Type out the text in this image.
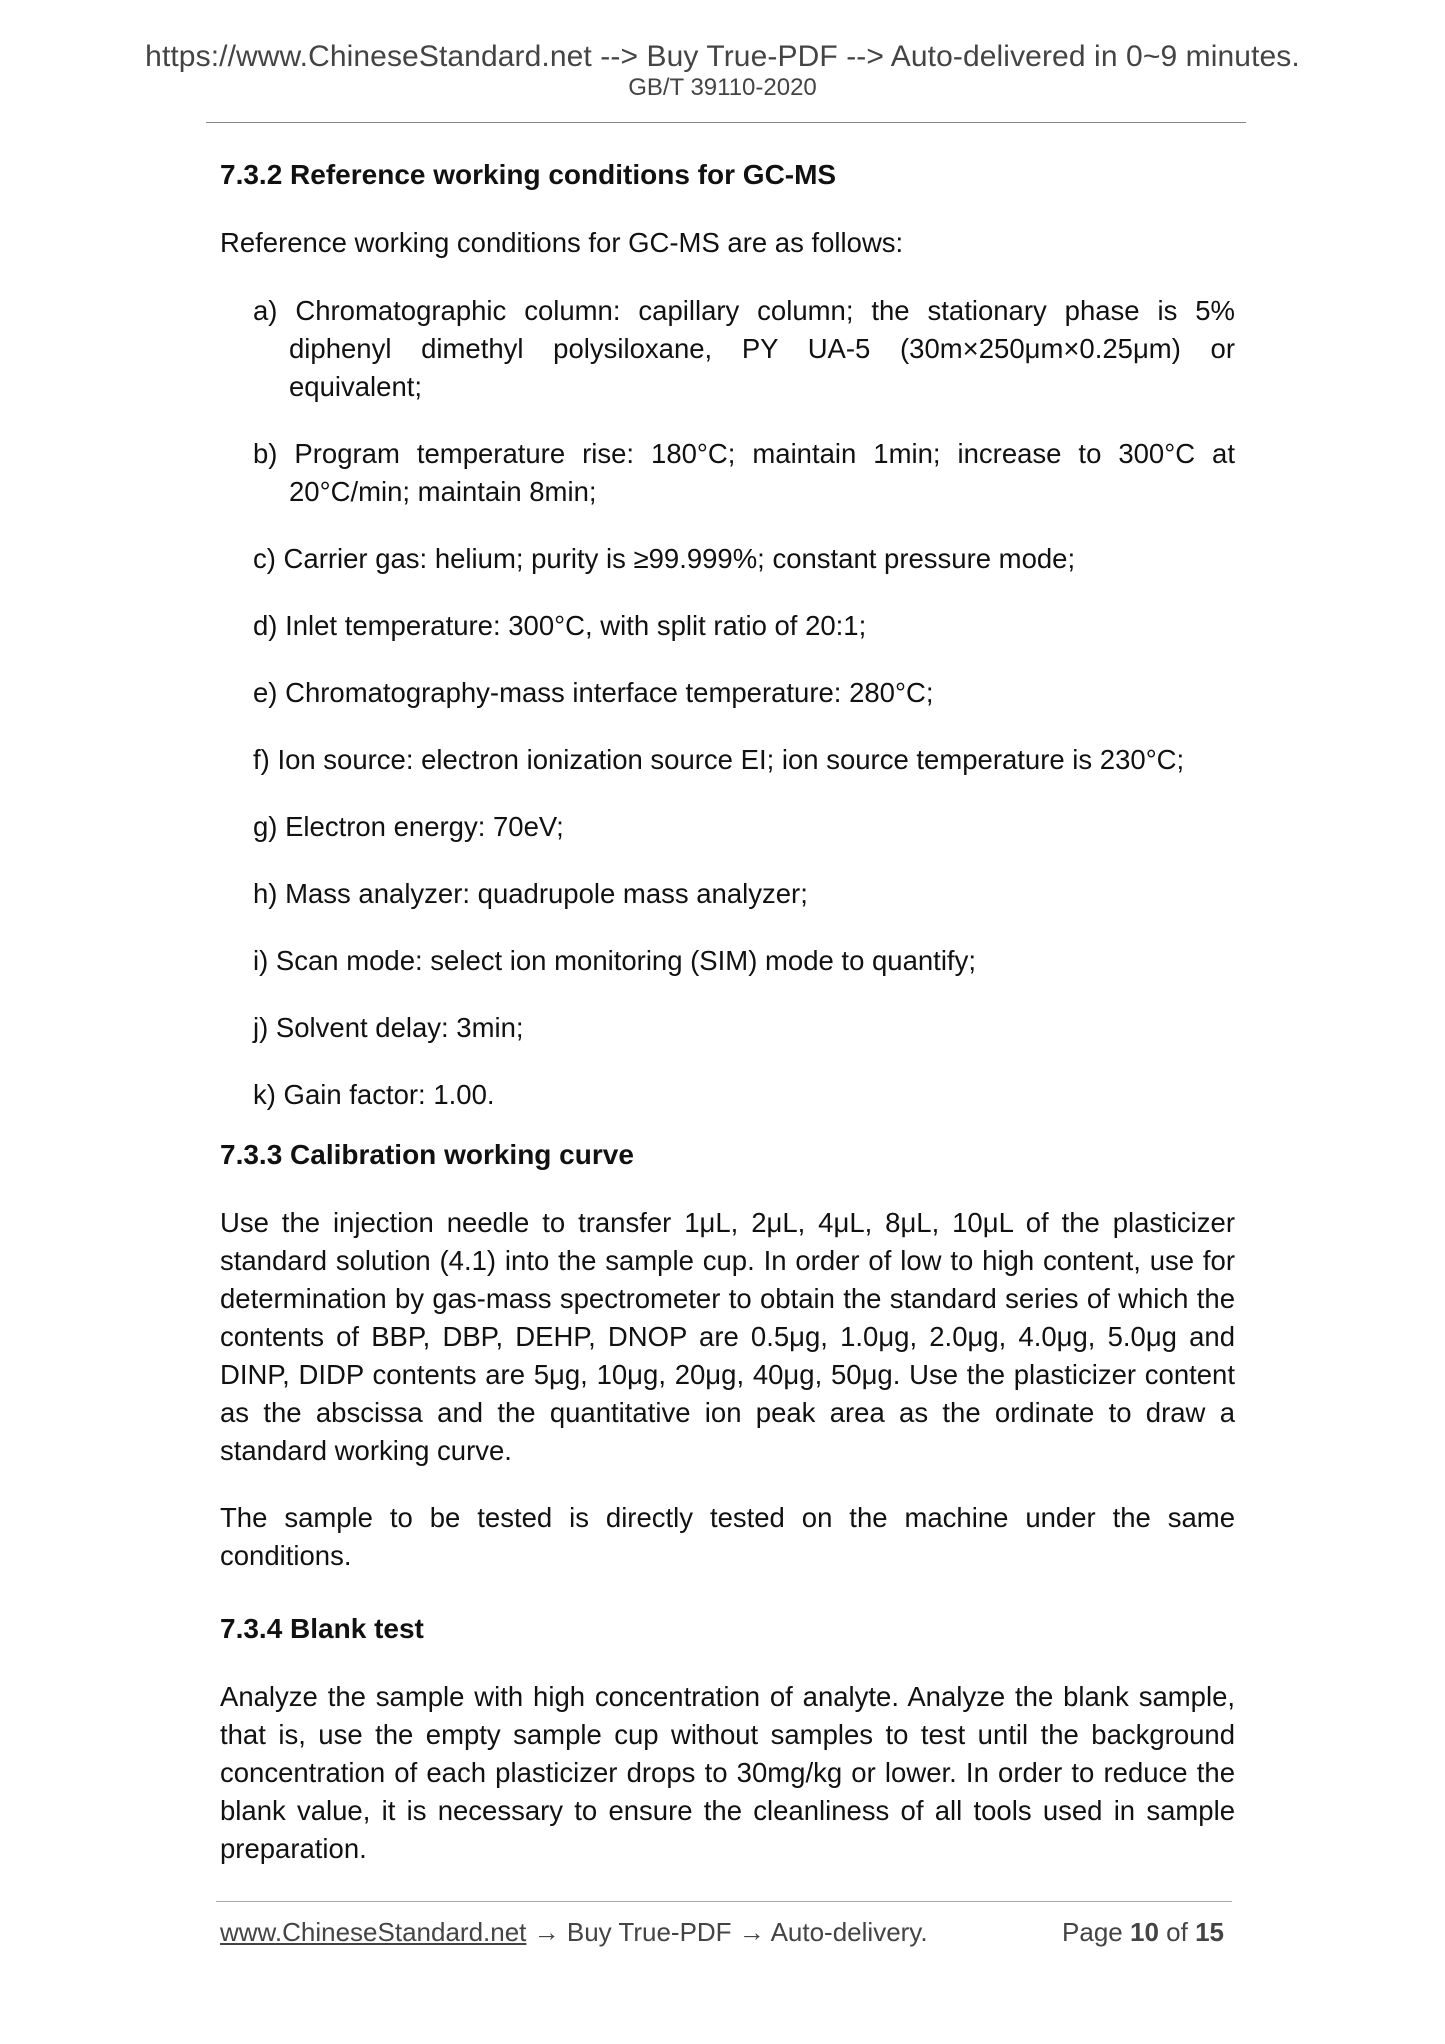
https://www.ChineseStandard.net --> Buy True-PDF --> Auto-delivered in 0~9 minutes.
GB/T 39110-2020
7.3.2 Reference working conditions for GC-MS

Reference working conditions for GC-MS are as follows:

a) Chromatographic column: capillary column; the stationary phase is 5% diphenyl dimethyl polysiloxane, PY UA-5 (30m×250μm×0.25μm) or equivalent;
b) Program temperature rise: 180°C; maintain 1min; increase to 300°C at 20°C/min; maintain 8min;
c) Carrier gas: helium; purity is ≥99.999%; constant pressure mode;
d) Inlet temperature: 300°C, with split ratio of 20:1;
e) Chromatography-mass interface temperature: 280°C;
f) Ion source: electron ionization source EI; ion source temperature is 230°C;
g) Electron energy: 70eV;
h) Mass analyzer: quadrupole mass analyzer;
i) Scan mode: select ion monitoring (SIM) mode to quantify;
j) Solvent delay: 3min;
k) Gain factor: 1.00.
7.3.3 Calibration working curve

Use the injection needle to transfer 1μL, 2μL, 4μL, 8μL, 10μL of the plasticizer standard solution (4.1) into the sample cup. In order of low to high content, use for determination by gas-mass spectrometer to obtain the standard series of which the contents of BBP, DBP, DEHP, DNOP are 0.5μg, 1.0μg, 2.0μg, 4.0μg, 5.0μg and DINP, DIDP contents are 5μg, 10μg, 20μg, 40μg, 50μg. Use the plasticizer content as the abscissa and the quantitative ion peak area as the ordinate to draw a standard working curve.

The sample to be tested is directly tested on the machine under the same conditions.

7.3.4 Blank test

Analyze the sample with high concentration of analyte. Analyze the blank sample, that is, use the empty sample cup without samples to test until the background concentration of each plasticizer drops to 30mg/kg or lower. In order to reduce the blank value, it is necessary to ensure the cleanliness of all tools used in sample preparation.

www.ChineseStandard.net → Buy True-PDF → Auto-delivery.	Page 10 of 15
